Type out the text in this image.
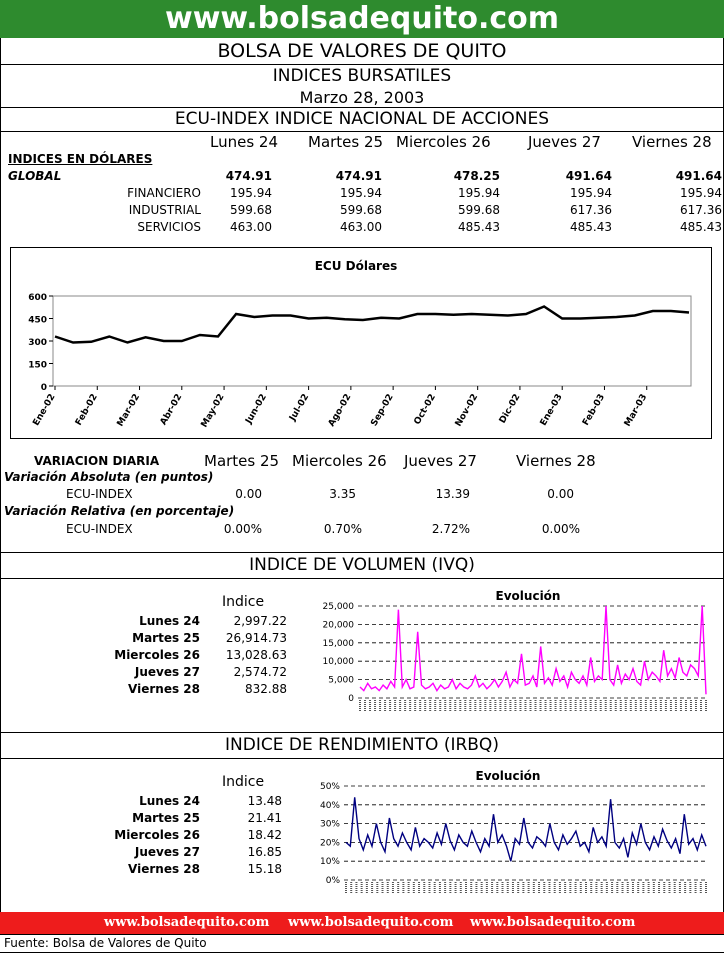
www.bolsadequito.com
BOLSA DE VALORES DE QUITO
INDICES BURSATILES
Marzo 28, 2003
ECU-INDEX INDICE NACIONAL DE ACCIONES
Lunes 24 Martes 25 Miercoles 26 Jueves 27 Viernes 28
INDICES EN DÓLARES
GLOBAL	474.91	474.91	478.25	491.64	491.64
FINANCIERO	195.94	195.94	195.94	195.94	195.94
INDUSTRIAL	599.68	599.68	599.68	617.36	617.36
SERVICIOS	463.00	463.00	485.43	485.43	485.43
ECU Dólares
0
150
300
450
600
Ene-02 Feb-02 Mar-02 Abr-02 May-02 Jun-02 Jul-02 Ago-02 Sep-02 Oct-02 Nov-02 Dic-02 Ene-03 Feb-03 Mar-03
VARIACION DIARIA	Martes 25 Miercoles 26 Jueves 27	Viernes 28
Variación Absoluta (en puntos)
ECU-INDEX	0.00	3.35	13.39	0.00
Variación Relativa (en porcentaje)
ECU-INDEX	0.00%	0.70%	2.72%	0.00%
INDICE DE VOLUMEN (IVQ)
Indice
Lunes 24	2,997.22
Martes 25	26,914.73
Miercoles 26	13,028.63
Jueves 27	2,574.72
Viernes 28	832.88
Evolución
0
5,000
10,000
15,000
20,000
25,000
INDICE DE RENDIMIENTO (IRBQ)
Indice
Lunes 24	13.48
Martes 25	21.41
Miercoles 26	18.42
Jueves 27	16.85
Viernes 28	15.18
Evolución
0%
10%
20%
30%
40%
50%
www.bolsadequito.com www.bolsadequito.com www.bolsadequito.com
Fuente: Bolsa de Valores de Quito
